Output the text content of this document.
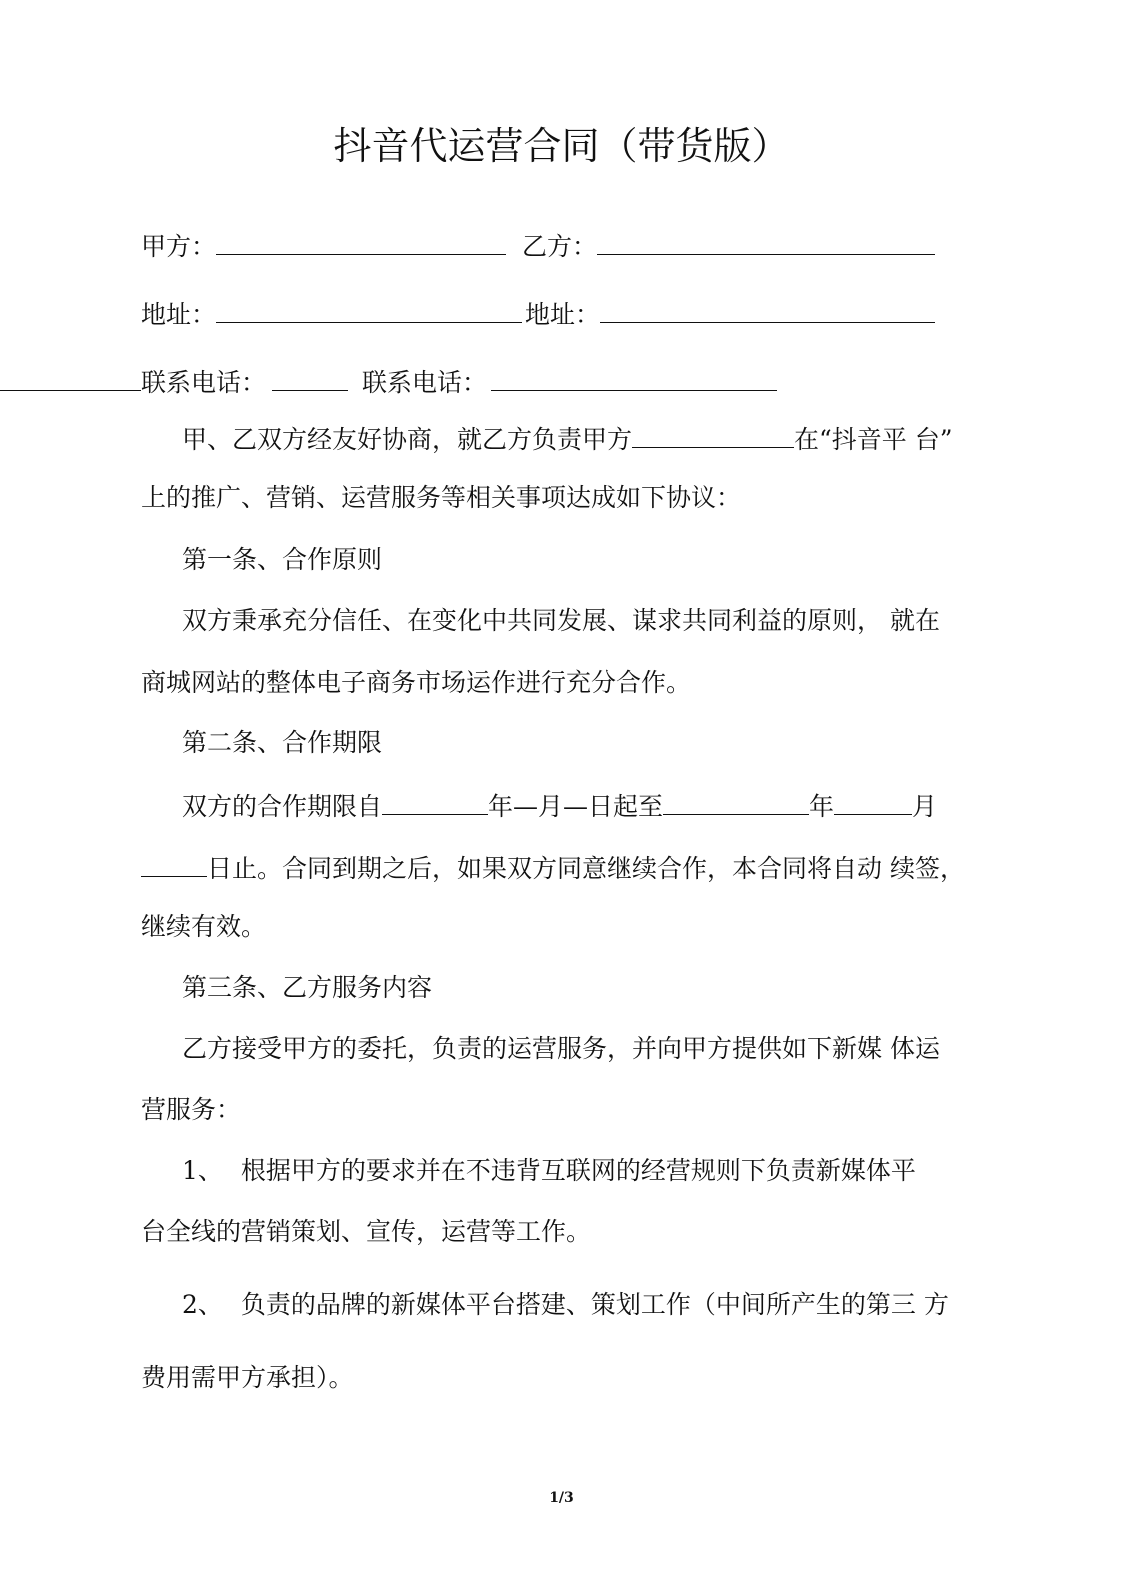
抖音代运营合同（带货版）
甲方：	乙方：
地址：	地址：
联系电话：	联系电话：
甲、乙双方经友好协商，就乙方负责甲方	在“抖音平 台”
上的推广、营销、运营服务等相关事项达成如下协议：
第一条、合作原则
双方秉承充分信任、在变化中共同发展、谋求共同利益的原则， 就在
商城网站的整体电子商务市场运作进行充分合作。
第二条、合作期限
双方的合作期限自	年—月—日起至	年	月
日止。合同到期之后，如果双方同意继续合作，本合同将自动 续签，
继续有效。
第三条、乙方服务内容
乙方接受甲方的委托，负责的运营服务，并向甲方提供如下新媒 体运
营服务：
1、 根据甲方的要求并在不违背互联网的经营规则下负责新媒体平
台全线的营销策划、宣传，运营等工作。
2、 负责的品牌的新媒体平台搭建、策划工作（中间所产生的第三 方
费用需甲方承担）。
1/3
